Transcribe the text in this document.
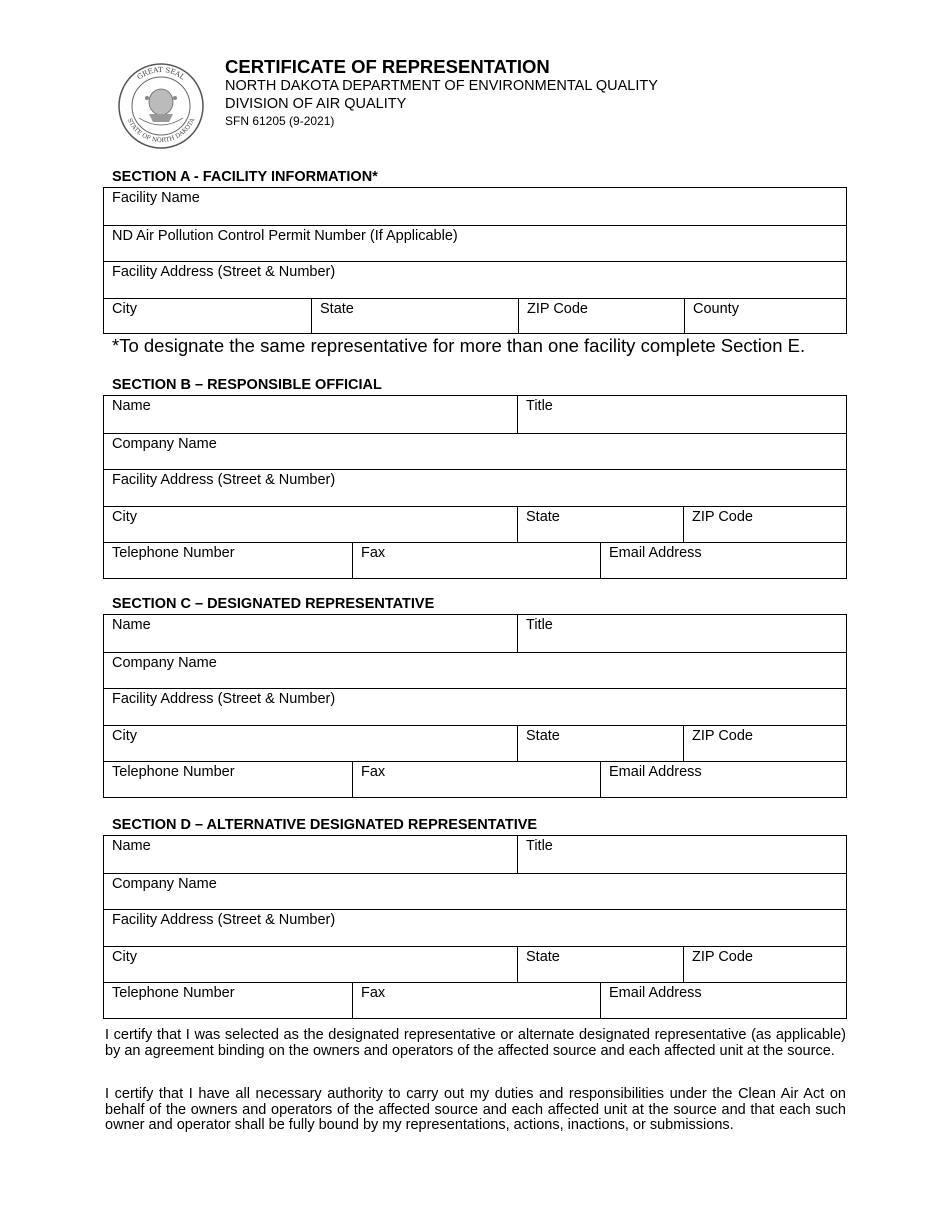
GREAT SEAL
STATE OF NORTH DAKOTA
CERTIFICATE OF REPRESENTATION
NORTH DAKOTA DEPARTMENT OF ENVIRONMENTAL QUALITY
DIVISION OF AIR QUALITY
SFN 61205 (9-2021)
SECTION A - FACILITY INFORMATION*
Facility Name
ND Air Pollution Control Permit Number (If Applicable)
Facility Address (Street & Number)
City	State	ZIP Code	County
*To designate the same representative for more than one facility complete Section E.
SECTION B – RESPONSIBLE OFFICIAL
Name	Title
Company Name
Facility Address (Street & Number)
City	State	ZIP Code
Telephone Number	Fax	Email Address
SECTION C – DESIGNATED REPRESENTATIVE
Name	Title
Company Name
Facility Address (Street & Number)
City	State	ZIP Code
Telephone Number	Fax	Email Address
SECTION D – ALTERNATIVE DESIGNATED REPRESENTATIVE
Name	Title
Company Name
Facility Address (Street & Number)
City	State	ZIP Code
Telephone Number	Fax	Email Address
I certify that I was selected as the designated representative or alternate designated representative (as applicable) by an agreement binding on the owners and operators of the affected source and each affected unit at the source.
I certify that I have all necessary authority to carry out my duties and responsibilities under the Clean Air Act on behalf of the owners and operators of the affected source and each affected unit at the source and that each such owner and operator shall be fully bound by my representations, actions, inactions, or submissions.
